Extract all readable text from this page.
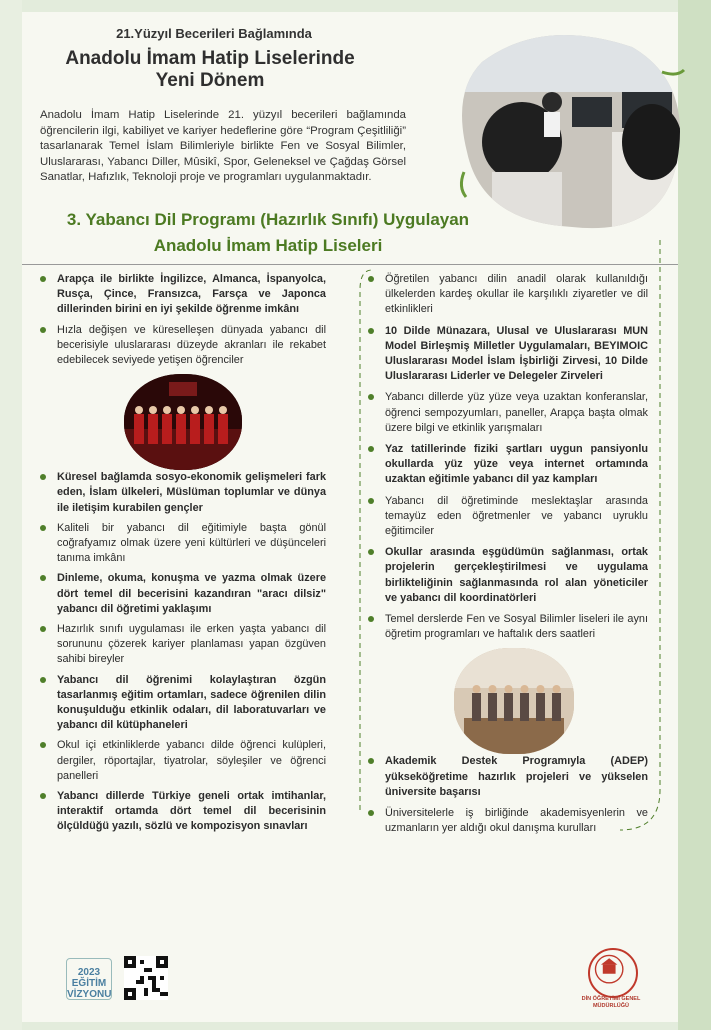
21.Yüzyıl Becerileri Bağlamında
Anadolu İmam Hatip Liselerinde
Yeni Dönem
Anadolu İmam Hatip Liselerinde 21. yüzyıl becerileri bağlamında öğrencilerin ilgi, kabiliyet ve kariyer hedeflerine göre “Program Çeşitliliği” tasarlanarak Temel İslam Bilimleriyle birlikte Fen ve Sosyal Bilimler, Uluslararası, Yabancı Diller, Mûsikî, Spor, Geleneksel ve Çağdaş Görsel Sanatlar, Hafızlık, Teknoloji proje ve programları uygulanmaktadır.
3. Yabancı Dil Programı (Hazırlık Sınıfı) Uygulayan
Anadolu İmam Hatip Liseleri
Arapça ile birlikte İngilizce, Almanca, İspanyolca, Rusça, Çince, Fransızca, Farsça ve Japonca dillerinden birini en iyi şekilde öğrenme imkânı
Hızla değişen ve küreselleşen dünyada yabancı dil becerisiyle uluslararası düzeyde akranları ile rekabet edebilecek seviyede yetişen öğrenciler
Küresel bağlamda sosyo-ekonomik gelişmeleri fark eden, İslam ülkeleri, Müslüman toplumlar ve dünya ile iletişim kurabilen gençler
Kaliteli bir yabancı dil eğitimiyle başta gönül coğrafyamız olmak üzere yeni kültürleri ve düşünceleri tanıma imkânı
Dinleme, okuma, konuşma ve yazma olmak üzere dört temel dil becerisini kazandıran "aracı dilsiz" yabancı dil öğretimi yaklaşımı
Hazırlık sınıfı uygulaması ile erken yaşta yabancı dil sorununu çözerek kariyer planlaması yapan özgüven sahibi bireyler
Yabancı dil öğrenimi kolaylaştıran özgün tasarlanmış eğitim ortamları, sadece öğrenilen dilin konuşulduğu etkinlik odaları, dil laboratuvarları ve yabancı dil kütüphaneleri
Okul içi etkinliklerde yabancı dilde öğrenci kulüpleri, dergiler, röportajlar, tiyatrolar, söyleşiler ve öğrenci panelleri
Yabancı dillerde Türkiye geneli ortak imtihanlar, interaktif ortamda dört temel dil becerisinin ölçüldüğü yazılı, sözlü ve kompozisyon sınavları
Öğretilen yabancı dilin anadil olarak kullanıldığı ülkelerden kardeş okullar ile karşılıklı ziyaretler ve dil etkinlikleri
10 Dilde Münazara, Ulusal ve Uluslararası MUN Model Birleşmiş Milletler Uygulamaları, BEYIMOIC Uluslararası Model İslam İşbirliği Zirvesi, 10 Dilde Uluslararası Liderler ve Delegeler Zirveleri
Yabancı dillerde yüz yüze veya uzaktan konferanslar, öğrenci sempozyumları, paneller, Arapça başta olmak üzere bilgi ve etkinlik yarışmaları
Yaz tatillerinde fiziki şartları uygun pansiyonlu okullarda yüz yüze veya internet ortamında uzaktan eğitimle yabancı dil yaz kampları
Yabancı dil öğretiminde meslektaşlar arasında temayüz eden öğretmenler ve yabancı uyruklu eğitimciler
Okullar arasında eşgüdümün sağlanması, ortak projelerin gerçekleştirilmesi ve uygulama birlikteliğinin sağlanmasında rol alan yöneticiler ve yabancı dil koordinatörleri
Temel derslerde Fen ve Sosyal Bilimler liseleri ile aynı öğretim programları ve haftalık ders saatleri
Akademik Destek Programıyla (ADEP) yükseköğretime hazırlık projeleri ve yükselen üniversite başarısı
Üniversitelerle iş birliğinde akademisyenlerin ve uzmanların yer aldığı okul danışma kurulları
2023 EĞİTİM VİZYONU	DİN ÖĞRETİMİ GENEL MÜDÜRLÜĞÜ
